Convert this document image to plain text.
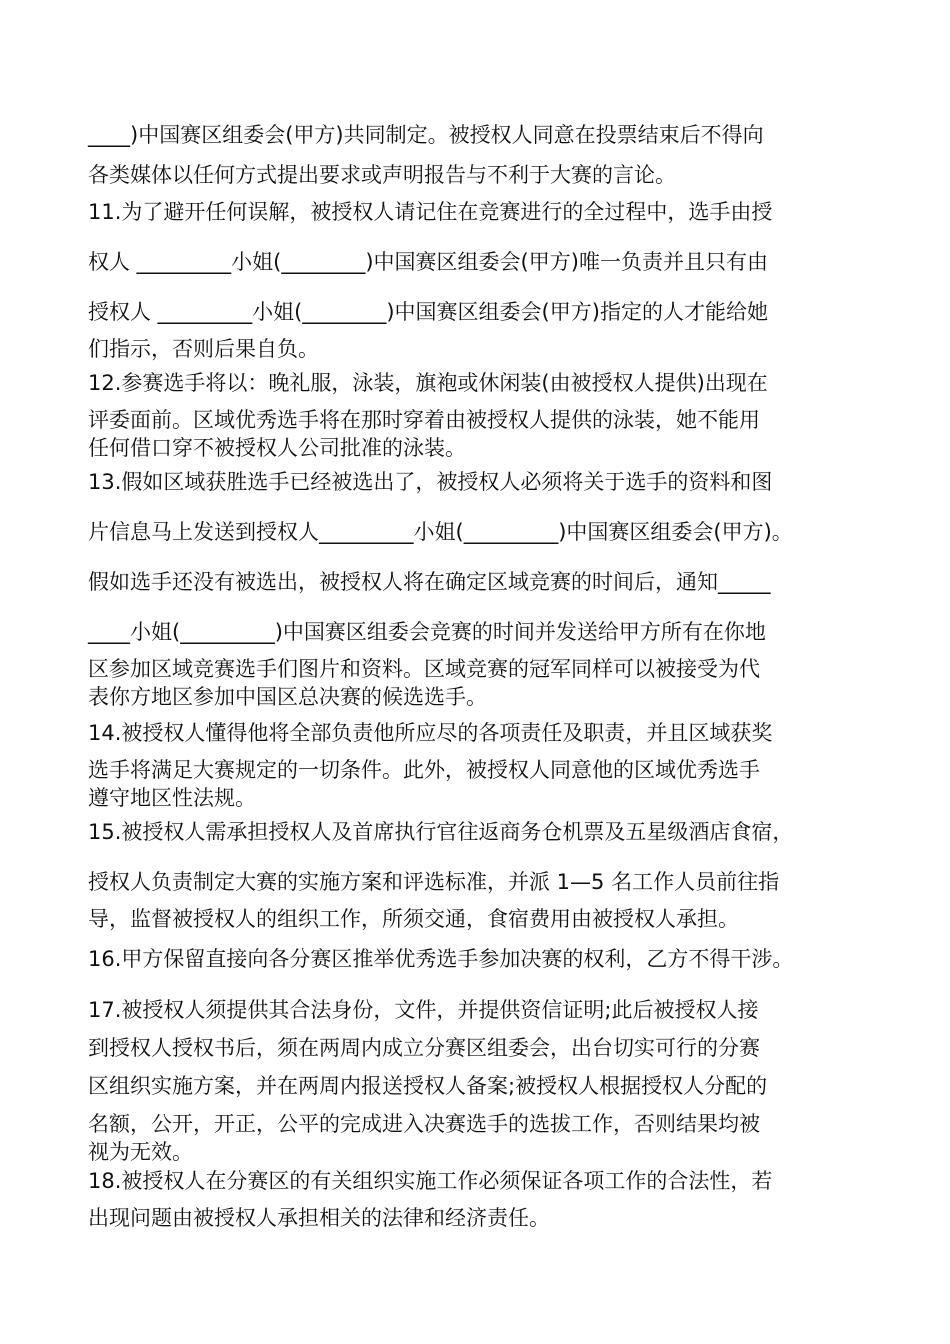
____)中国赛区组委会(甲方)共同制定。被授权人同意在投票结束后不得向
各类媒体以任何方式提出要求或声明报告与不利于大赛的言论。
11.为了避开任何误解，被授权人请记住在竞赛进行的全过程中，选手由授
权人 _________小姐(________)中国赛区组委会(甲方)唯一负责并且只有由
授权人 _________小姐(________)中国赛区组委会(甲方)指定的人才能给她
们指示，否则后果自负。
12.参赛选手将以：晚礼服，泳装，旗袍或休闲装(由被授权人提供)出现在
评委面前。区域优秀选手将在那时穿着由被授权人提供的泳装，她不能用
任何借口穿不被授权人公司批准的泳装。
13.假如区域获胜选手已经被选出了，被授权人必须将关于选手的资料和图
片信息马上发送到授权人_________小姐(_________)中国赛区组委会(甲方)。
假如选手还没有被选出，被授权人将在确定区域竞赛的时间后，通知_____
____小姐(_________)中国赛区组委会竞赛的时间并发送给甲方所有在你地
区参加区域竞赛选手们图片和资料。区域竞赛的冠军同样可以被接受为代
表你方地区参加中国区总决赛的候选选手。
14.被授权人懂得他将全部负责他所应尽的各项责任及职责，并且区域获奖
选手将满足大赛规定的一切条件。此外，被授权人同意他的区域优秀选手
遵守地区性法规。
15.被授权人需承担授权人及首席执行官往返商务仓机票及五星级酒店食宿，
授权人负责制定大赛的实施方案和评选标准，并派 1—5 名工作人员前往指
导，监督被授权人的组织工作，所须交通，食宿费用由被授权人承担。
16.甲方保留直接向各分赛区推举优秀选手参加决赛的权利，乙方不得干涉。
17.被授权人须提供其合法身份，文件，并提供资信证明;此后被授权人接
到授权人授权书后，须在两周内成立分赛区组委会，出台切实可行的分赛
区组织实施方案，并在两周内报送授权人备案;被授权人根据授权人分配的
名额，公开，开正，公平的完成进入决赛选手的选拔工作，否则结果均被
视为无效。
18.被授权人在分赛区的有关组织实施工作必须保证各项工作的合法性，若
出现问题由被授权人承担相关的法律和经济责任。
